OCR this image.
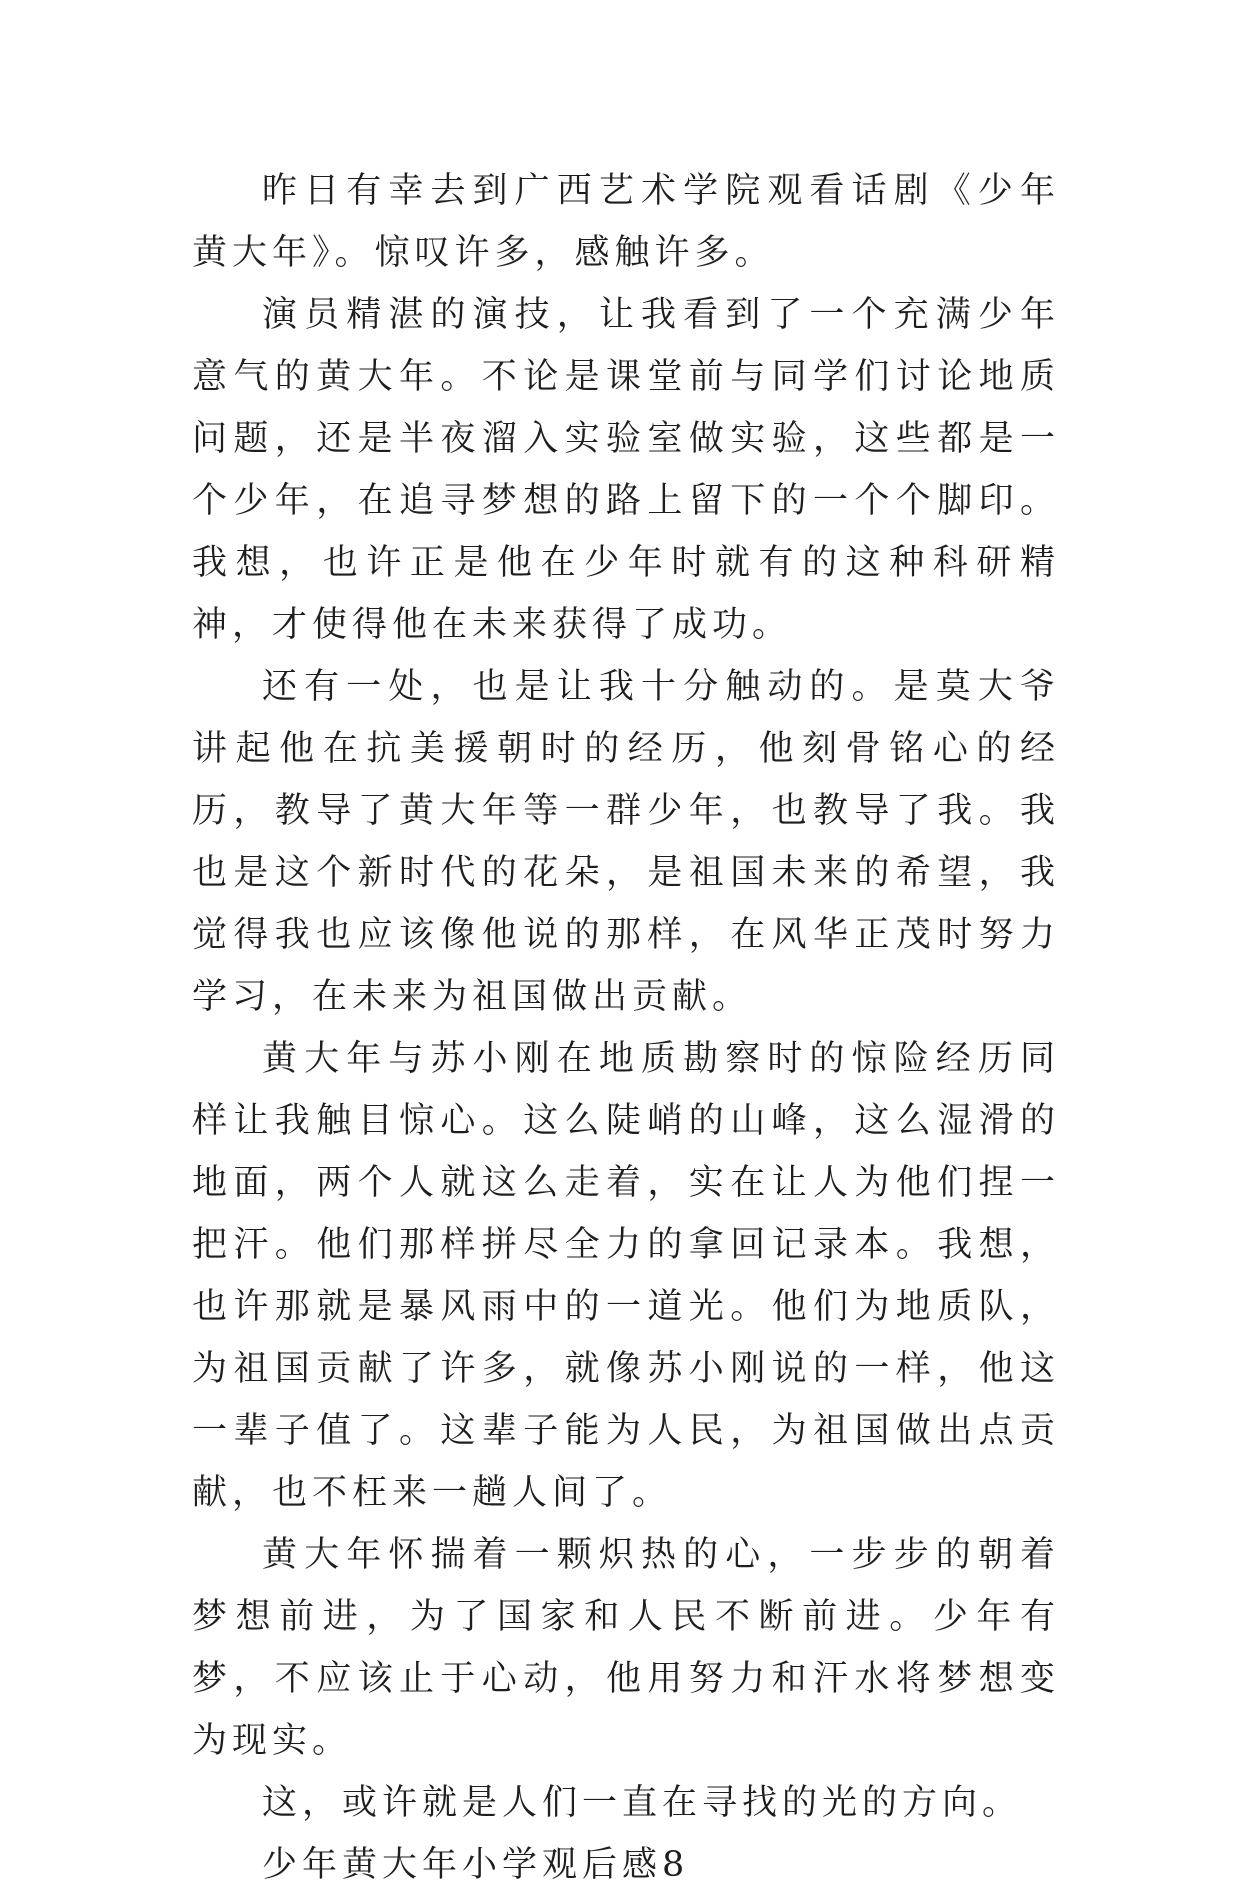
昨日有幸去到广西艺术学院观看话剧《少年黄大年》。惊叹许多，感触许多。

演员精湛的演技，让我看到了一个充满少年意气的黄大年。不论是课堂前与同学们讨论地质问题，还是半夜溜入实验室做实验，这些都是一个少年，在追寻梦想的路上留下的一个个脚印。我想，也许正是他在少年时就有的这种科研精神，才使得他在未来获得了成功。

还有一处，也是让我十分触动的。是莫大爷讲起他在抗美援朝时的经历，他刻骨铭心的经历，教导了黄大年等一群少年，也教导了我。我也是这个新时代的花朵，是祖国未来的希望，我觉得我也应该像他说的那样，在风华正茂时努力学习，在未来为祖国做出贡献。

黄大年与苏小刚在地质勘察时的惊险经历同样让我触目惊心。这么陡峭的山峰，这么湿滑的地面，两个人就这么走着，实在让人为他们捏一把汗。他们那样拼尽全力的拿回记录本。我想，也许那就是暴风雨中的一道光。他们为地质队，为祖国贡献了许多，就像苏小刚说的一样，他这一辈子值了。这辈子能为人民，为祖国做出点贡献，也不枉来一趟人间了。

黄大年怀揣着一颗炽热的心，一步步的朝着梦想前进，为了国家和人民不断前进。少年有梦，不应该止于心动，他用努力和汗水将梦想变为现实。

这，或许就是人们一直在寻找的光的方向。

少年黄大年小学观后感8
